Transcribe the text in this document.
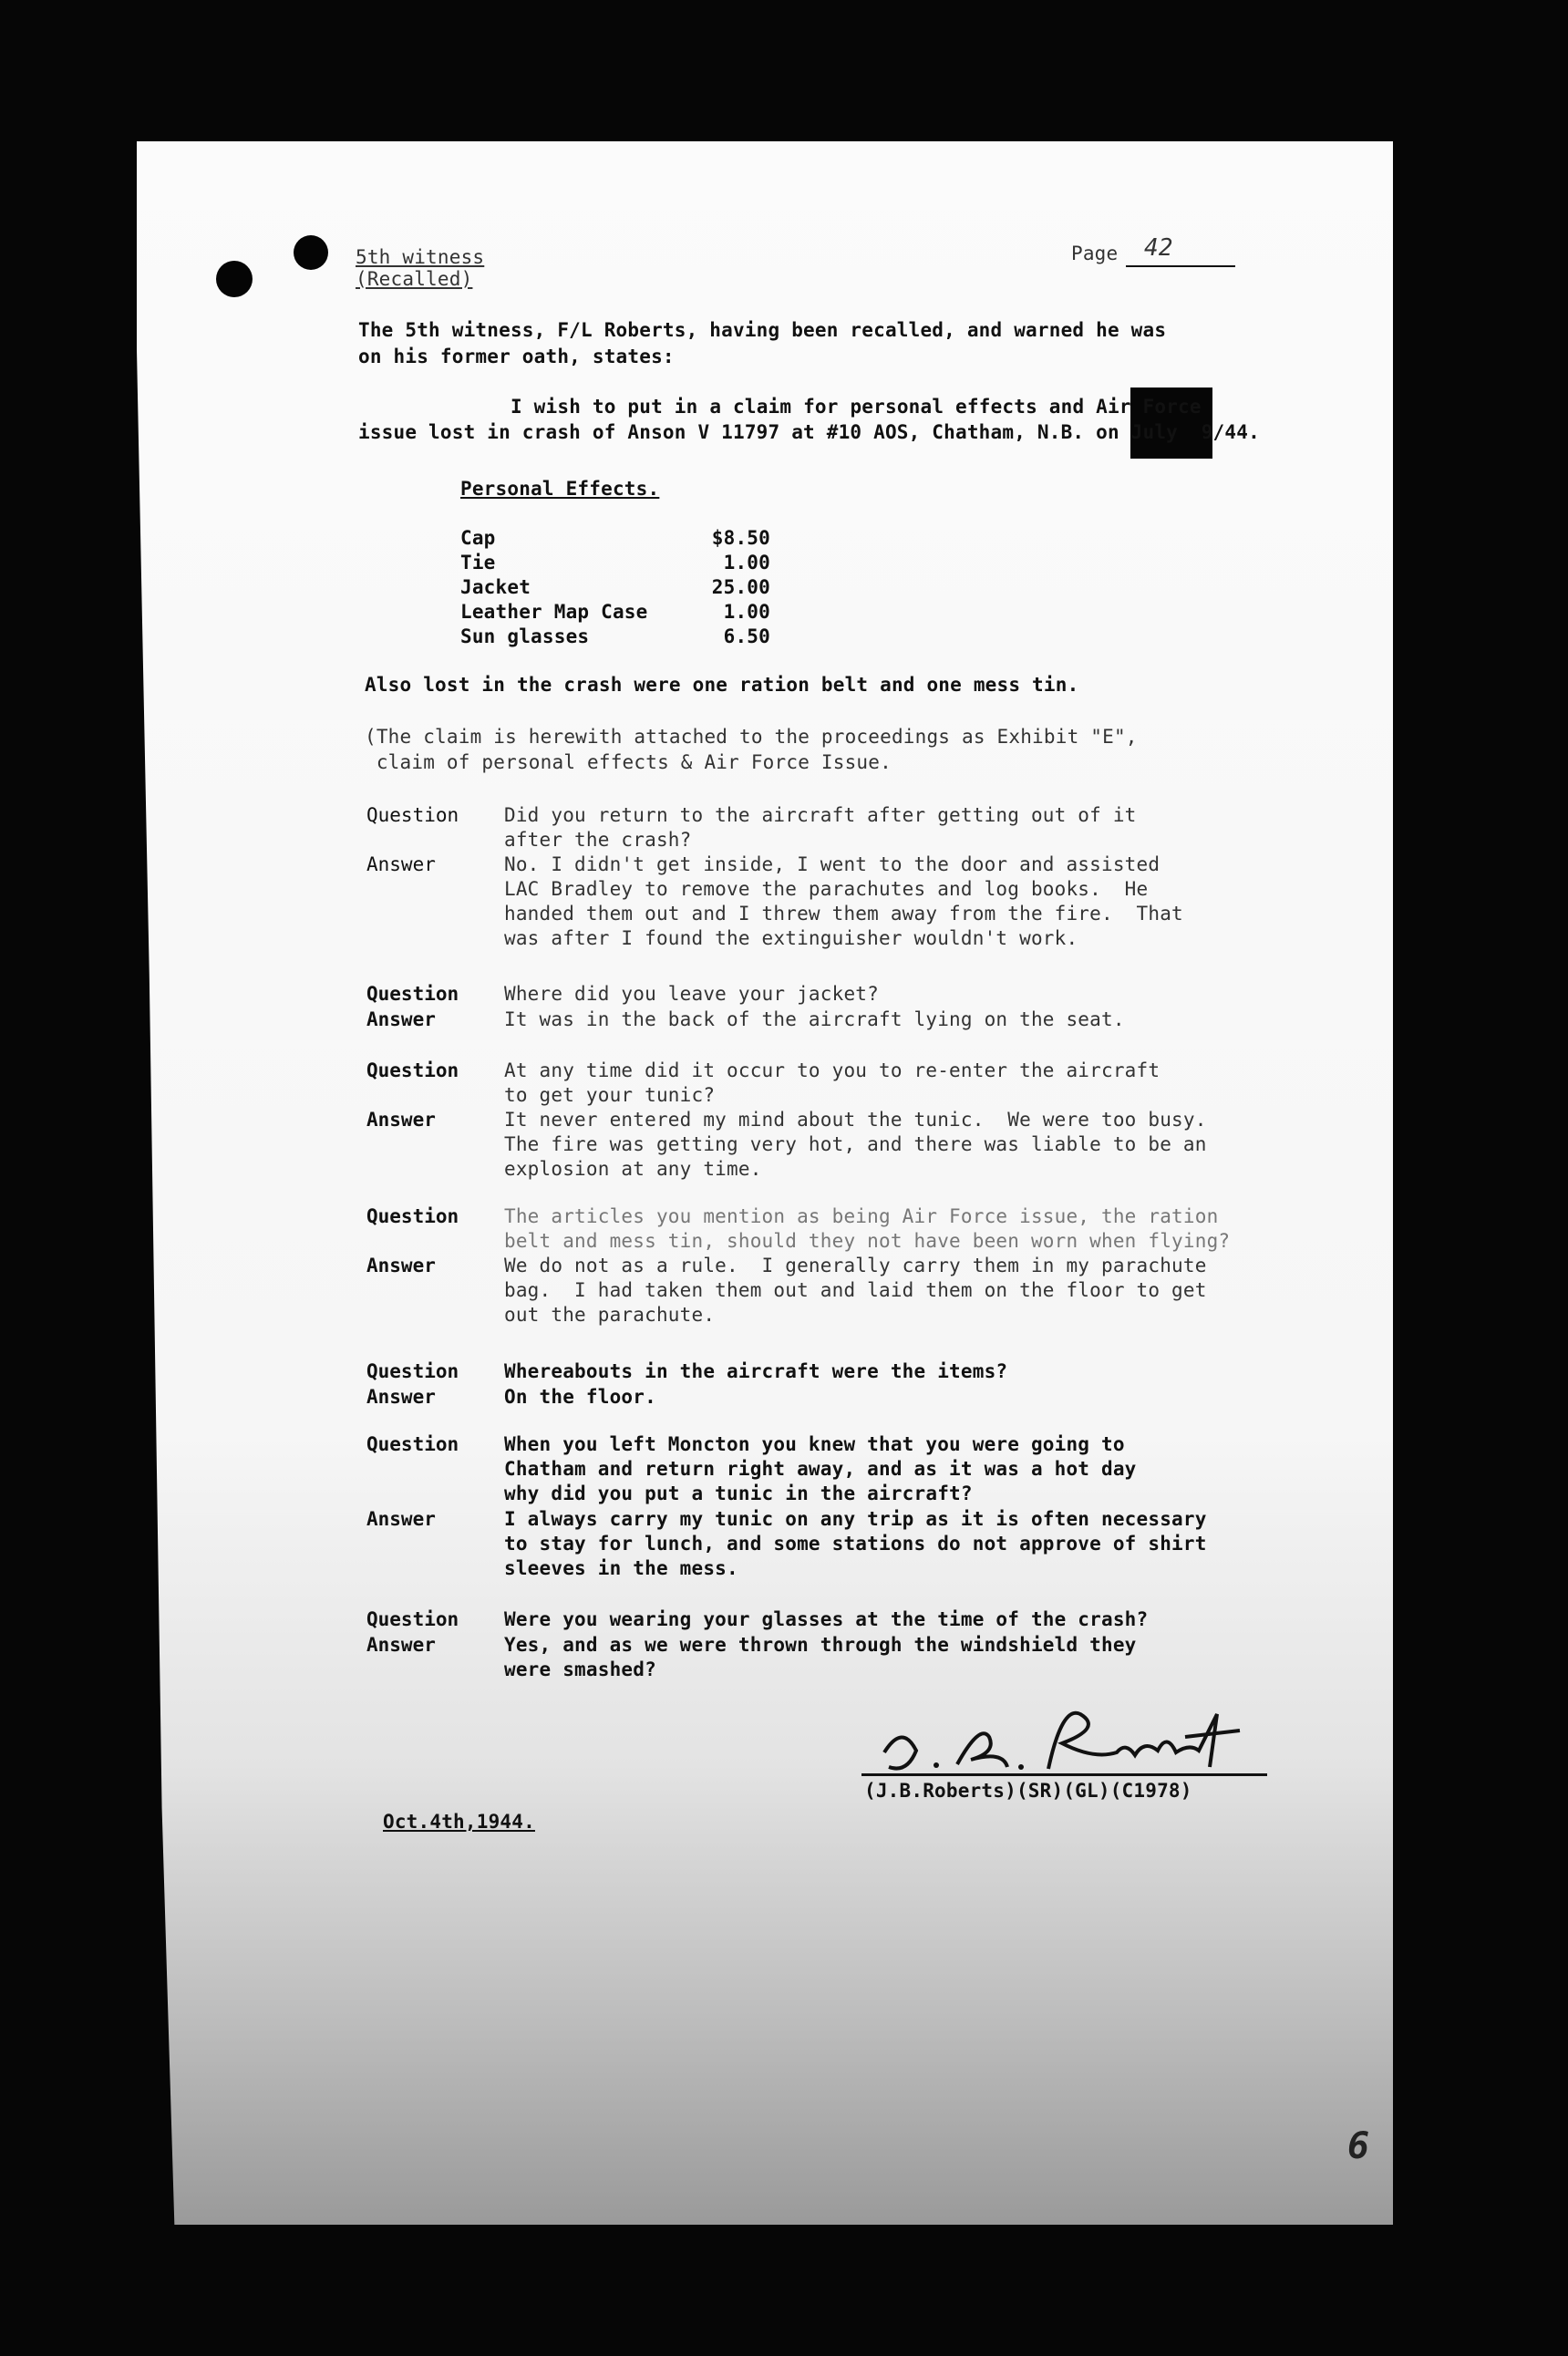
5th witness
(Recalled)
Page 42
The 5th witness, F/L Roberts, having been recalled, and warned he was
on his former oath, states:
I wish to put in a claim for personal effects and Air Force
issue lost in crash of Anson V 11797 at #10 AOS, Chatham, N.B. on July  9/44.
Personal Effects.
Cap	$8.50
Tie	1.00
Jacket	25.00
Leather Map Case	1.00
Sun glasses	6.50
Also lost in the crash were one ration belt and one mess tin.
(The claim is herewith attached to the proceedings as Exhibit "E",
claim of personal effects & Air Force Issue.
Question Did you return to the aircraft after getting out of it
after the crash?
Answer	No. I didn't get inside, I went to the door and assisted
LAC Bradley to remove the parachutes and log books.  He
handed them out and I threw them away from the fire.  That
was after I found the extinguisher wouldn't work.
Question Where did you leave your jacket?
Answer	It was in the back of the aircraft lying on the seat.
Question At any time did it occur to you to re-enter the aircraft
to get your tunic?
Answer	It never entered my mind about the tunic.  We were too busy.
The fire was getting very hot, and there was liable to be an
explosion at any time.
Question The articles you mention as being Air Force issue, the ration
belt and mess tin, should they not have been worn when flying?
Answer	We do not as a rule.  I generally carry them in my parachute
bag.  I had taken them out and laid them on the floor to get
out the parachute.
Question Whereabouts in the aircraft were the items?
Answer	On the floor.
Question When you left Moncton you knew that you were going to
Chatham and return right away, and as it was a hot day
why did you put a tunic in the aircraft?
Answer	I always carry my tunic on any trip as it is often necessary
to stay for lunch, and some stations do not approve of shirt
sleeves in the mess.
Question Were you wearing your glasses at the time of the crash?
Answer	Yes, and as we were thrown through the windshield they
were smashed?
(J.B.Roberts)(SR)(GL)(C1978)
Oct.4th,1944.
6
